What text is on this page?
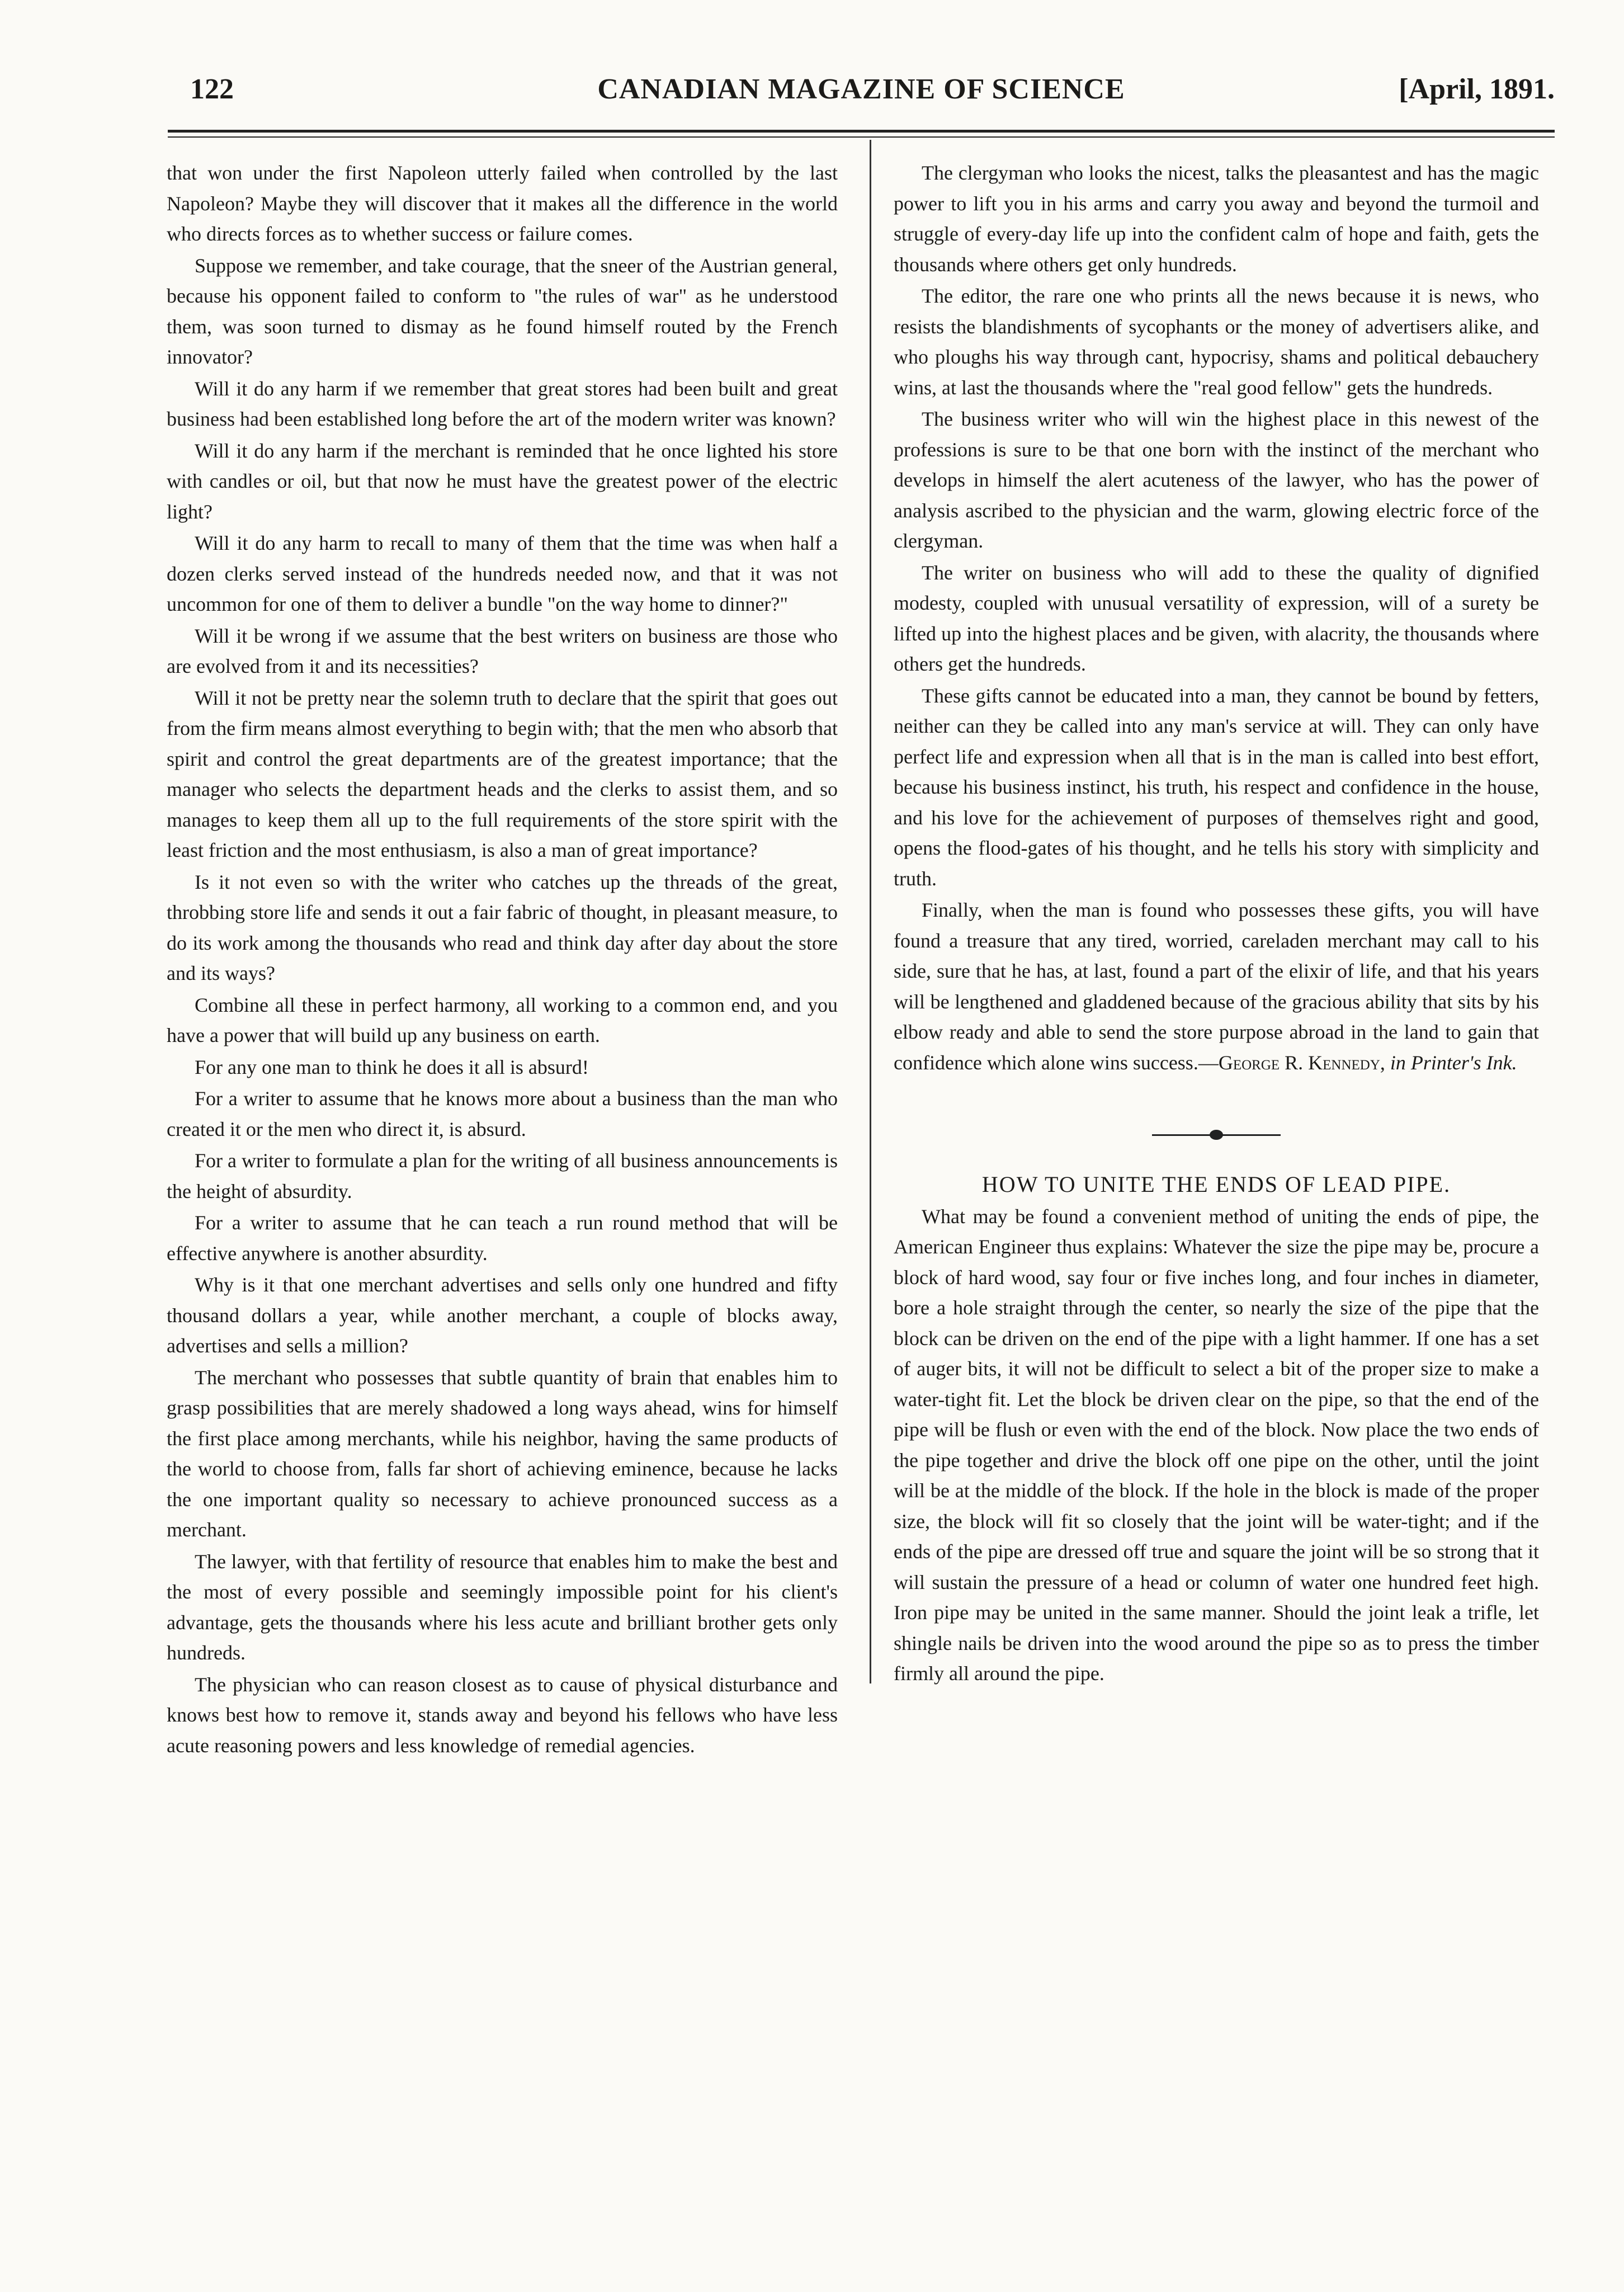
122	CANADIAN MAGAZINE OF SCIENCE	[April, 1891.

that won under the first Napoleon utterly failed when controlled by the last Napoleon? Maybe they will discover that it makes all the difference in the world who directs forces as to whether success or failure comes.

Suppose we remember, and take courage, that the sneer of the Austrian general, because his opponent failed to conform to "the rules of war" as he understood them, was soon turned to dismay as he found himself routed by the French innovator?

Will it do any harm if we remember that great stores had been built and great business had been established long before the art of the modern writer was known?

Will it do any harm if the merchant is reminded that he once lighted his store with candles or oil, but that now he must have the greatest power of the electric light?

Will it do any harm to recall to many of them that the time was when half a dozen clerks served instead of the hundreds needed now, and that it was not uncommon for one of them to deliver a bundle "on the way home to dinner?"

Will it be wrong if we assume that the best writers on business are those who are evolved from it and its necessities?

Will it not be pretty near the solemn truth to declare that the spirit that goes out from the firm means almost everything to begin with; that the men who absorb that spirit and control the great departments are of the greatest importance; that the manager who selects the department heads and the clerks to assist them, and so manages to keep them all up to the full requirements of the store spirit with the least friction and the most enthusiasm, is also a man of great importance?

Is it not even so with the writer who catches up the threads of the great, throbbing store life and sends it out a fair fabric of thought, in pleasant measure, to do its work among the thousands who read and think day after day about the store and its ways?

Combine all these in perfect harmony, all working to a common end, and you have a power that will build up any business on earth.

For any one man to think he does it all is absurd!

For a writer to assume that he knows more about a business than the man who created it or the men who direct it, is absurd.

For a writer to formulate a plan for the writing of all business announcements is the height of absurdity.

For a writer to assume that he can teach a run round method that will be effective anywhere is another absurdity.

Why is it that one merchant advertises and sells only one hundred and fifty thousand dollars a year, while another merchant, a couple of blocks away, advertises and sells a million?

The merchant who possesses that subtle quantity of brain that enables him to grasp possibilities that are merely shadowed a long ways ahead, wins for himself the first place among merchants, while his neighbor, having the same products of the world to choose from, falls far short of achieving eminence, because he lacks the one important quality so necessary to achieve pronounced success as a merchant.

The lawyer, with that fertility of resource that enables him to make the best and the most of every possible and seemingly impossible point for his client's advantage, gets the thousands where his less acute and brilliant brother gets only hundreds.

The physician who can reason closest as to cause of physical disturbance and knows best how to remove it, stands away and beyond his fellows who have less acute reasoning powers and less knowledge of remedial agencies.

The clergyman who looks the nicest, talks the pleasantest and has the magic power to lift you in his arms and carry you away and beyond the turmoil and struggle of every-day life up into the confident calm of hope and faith, gets the thousands where others get only hundreds.

The editor, the rare one who prints all the news because it is news, who resists the blandishments of sycophants or the money of advertisers alike, and who ploughs his way through cant, hypocrisy, shams and political debauchery wins, at last the thousands where the "real good fellow" gets the hundreds.

The business writer who will win the highest place in this newest of the professions is sure to be that one born with the instinct of the merchant who develops in himself the alert acuteness of the lawyer, who has the power of analysis ascribed to the physician and the warm, glowing electric force of the clergyman.

The writer on business who will add to these the quality of dignified modesty, coupled with unusual versatility of expression, will of a surety be lifted up into the highest places and be given, with alacrity, the thousands where others get the hundreds.

These gifts cannot be educated into a man, they cannot be bound by fetters, neither can they be called into any man's service at will. They can only have perfect life and expression when all that is in the man is called into best effort, because his business instinct, his truth, his respect and confidence in the house, and his love for the achievement of purposes of themselves right and good, opens the flood-gates of his thought, and he tells his story with simplicity and truth.

Finally, when the man is found who possesses these gifts, you will have found a treasure that any tired, worried, careladen merchant may call to his side, sure that he has, at last, found a part of the elixir of life, and that his years will be lengthened and gladdened because of the gracious ability that sits by his elbow ready and able to send the store purpose abroad in the land to gain that confidence which alone wins success.—George R. Kennedy, in Printer's Ink.

HOW TO UNITE THE ENDS OF LEAD PIPE.

What may be found a convenient method of uniting the ends of pipe, the American Engineer thus explains: Whatever the size the pipe may be, procure a block of hard wood, say four or five inches long, and four inches in diameter, bore a hole straight through the center, so nearly the size of the pipe that the block can be driven on the end of the pipe with a light hammer. If one has a set of auger bits, it will not be difficult to select a bit of the proper size to make a water-tight fit. Let the block be driven clear on the pipe, so that the end of the pipe will be flush or even with the end of the block. Now place the two ends of the pipe together and drive the block off one pipe on the other, until the joint will be at the middle of the block. If the hole in the block is made of the proper size, the block will fit so closely that the joint will be water-tight; and if the ends of the pipe are dressed off true and square the joint will be so strong that it will sustain the pressure of a head or column of water one hundred feet high. Iron pipe may be united in the same manner. Should the joint leak a trifle, let shingle nails be driven into the wood around the pipe so as to press the timber firmly all around the pipe.
